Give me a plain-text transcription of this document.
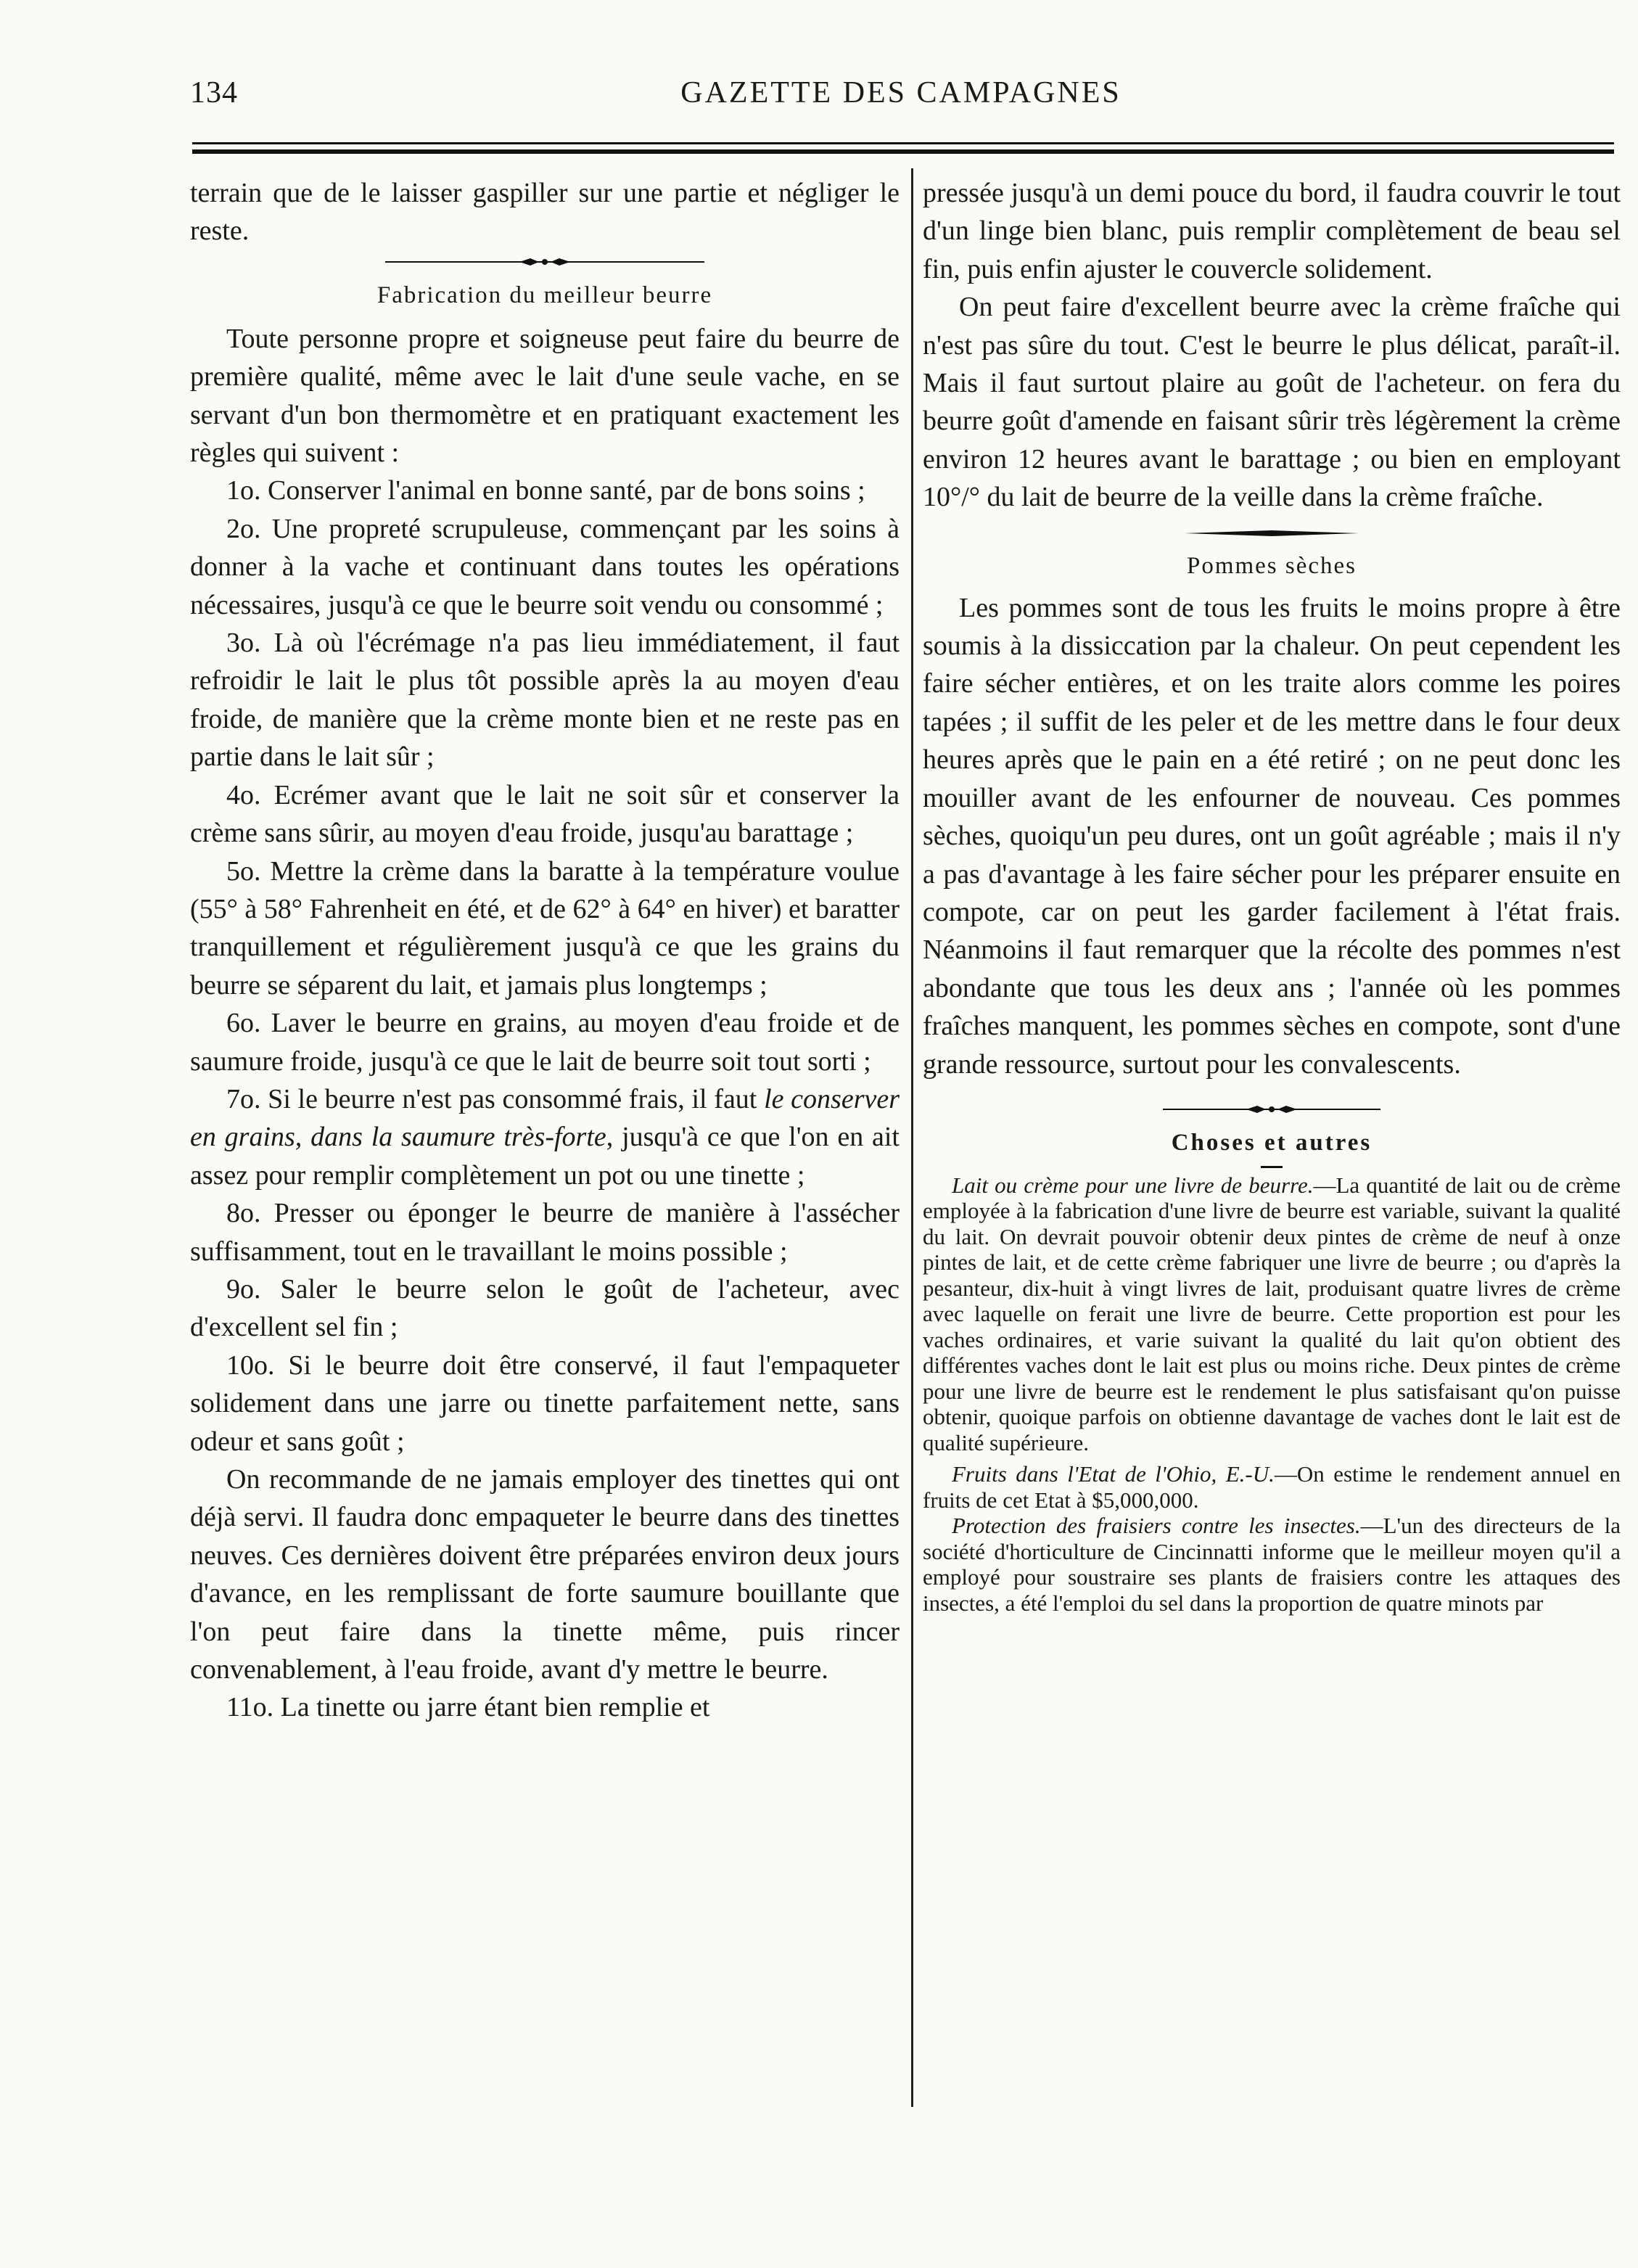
134	GAZETTE DES CAMPAGNES

terrain que de le laisser gaspiller sur une partie et négliger le reste.

Fabrication du meilleur beurre

Toute personne propre et soigneuse peut faire du beurre de première qualité, même avec le lait d'une seule vache, en se servant d'un bon thermomètre et en pratiquant exactement les règles qui suivent :

1o. Conserver l'animal en bonne santé, par de bons soins ;

2o. Une propreté scrupuleuse, commençant par les soins à donner à la vache et continuant dans toutes les opérations nécessaires, jusqu'à ce que le beurre soit vendu ou consommé ;

3o. Là où l'écrémage n'a pas lieu immédiatement, il faut refroidir le lait le plus tôt possible après la au moyen d'eau froide, de manière que la crème monte bien et ne reste pas en partie dans le lait sûr ;

4o. Ecrémer avant que le lait ne soit sûr et conserver la crème sans sûrir, au moyen d'eau froide, jusqu'au barattage ;

5o. Mettre la crème dans la baratte à la température voulue (55° à 58° Fahrenheit en été, et de 62° à 64° en hiver) et baratter tranquillement et régulièrement jusqu'à ce que les grains du beurre se séparent du lait, et jamais plus longtemps ;

6o. Laver le beurre en grains, au moyen d'eau froide et de saumure froide, jusqu'à ce que le lait de beurre soit tout sorti ;

7o. Si le beurre n'est pas consommé frais, il faut le conserver en grains, dans la saumure très-forte, jusqu'à ce que l'on en ait assez pour remplir complètement un pot ou une tinette ;

8o. Presser ou éponger le beurre de manière à l'assécher suffisamment, tout en le travaillant le moins possible ;

9o. Saler le beurre selon le goût de l'acheteur, avec d'excellent sel fin ;

10o. Si le beurre doit être conservé, il faut l'empaqueter solidement dans une jarre ou tinette parfaitement nette, sans odeur et sans goût ;

On recommande de ne jamais employer des tinettes qui ont déjà servi. Il faudra donc empaqueter le beurre dans des tinettes neuves. Ces dernières doivent être préparées environ deux jours d'avance, en les remplissant de forte saumure bouillante que l'on peut faire dans la tinette même, puis rincer convenablement, à l'eau froide, avant d'y mettre le beurre.

11o. La tinette ou jarre étant bien remplie et

pressée jusqu'à un demi pouce du bord, il faudra couvrir le tout d'un linge bien blanc, puis remplir complètement de beau sel fin, puis enfin ajuster le couvercle solidement.

On peut faire d'excellent beurre avec la crème fraîche qui n'est pas sûre du tout. C'est le beurre le plus délicat, paraît-il. Mais il faut surtout plaire au goût de l'acheteur. on fera du beurre goût d'amende en faisant sûrir très légèrement la crème environ 12 heures avant le barattage ; ou bien en employant 10°/° du lait de beurre de la veille dans la crème fraîche.

Pommes sèches

Les pommes sont de tous les fruits le moins propre à être soumis à la dissiccation par la chaleur. On peut cependent les faire sécher entières, et on les traite alors comme les poires tapées ; il suffit de les peler et de les mettre dans le four deux heures après que le pain en a été retiré ; on ne peut donc les mouiller avant de les enfourner de nouveau. Ces pommes sèches, quoiqu'un peu dures, ont un goût agréable ; mais il n'y a pas d'avantage à les faire sécher pour les préparer ensuite en compote, car on peut les garder facilement à l'état frais. Néanmoins il faut remarquer que la récolte des pommes n'est abondante que tous les deux ans ; l'année où les pommes fraîches manquent, les pommes sèches en compote, sont d'une grande ressource, surtout pour les convalescents.

Choses et autres

Lait ou crème pour une livre de beurre.—La quantité de lait ou de crème employée à la fabrication d'une livre de beurre est variable, suivant la qualité du lait. On devrait pouvoir obtenir deux pintes de crème de neuf à onze pintes de lait, et de cette crème fabriquer une livre de beurre ; ou d'après la pesanteur, dix-huit à vingt livres de lait, produisant quatre livres de crème avec laquelle on ferait une livre de beurre. Cette proportion est pour les vaches ordinaires, et varie suivant la qualité du lait qu'on obtient des différentes vaches dont le lait est plus ou moins riche. Deux pintes de crème pour une livre de beurre est le rendement le plus satisfaisant qu'on puisse obtenir, quoique parfois on obtienne davantage de vaches dont le lait est de qualité supérieure.

Fruits dans l'Etat de l'Ohio, E.-U.—On estime le rendement annuel en fruits de cet Etat à $5,000,000.

Protection des fraisiers contre les insectes.—L'un des directeurs de la société d'horticulture de Cincinnatti informe que le meilleur moyen qu'il a employé pour soustraire ses plants de fraisiers contre les attaques des insectes, a été l'emploi du sel dans la proportion de quatre minots par
